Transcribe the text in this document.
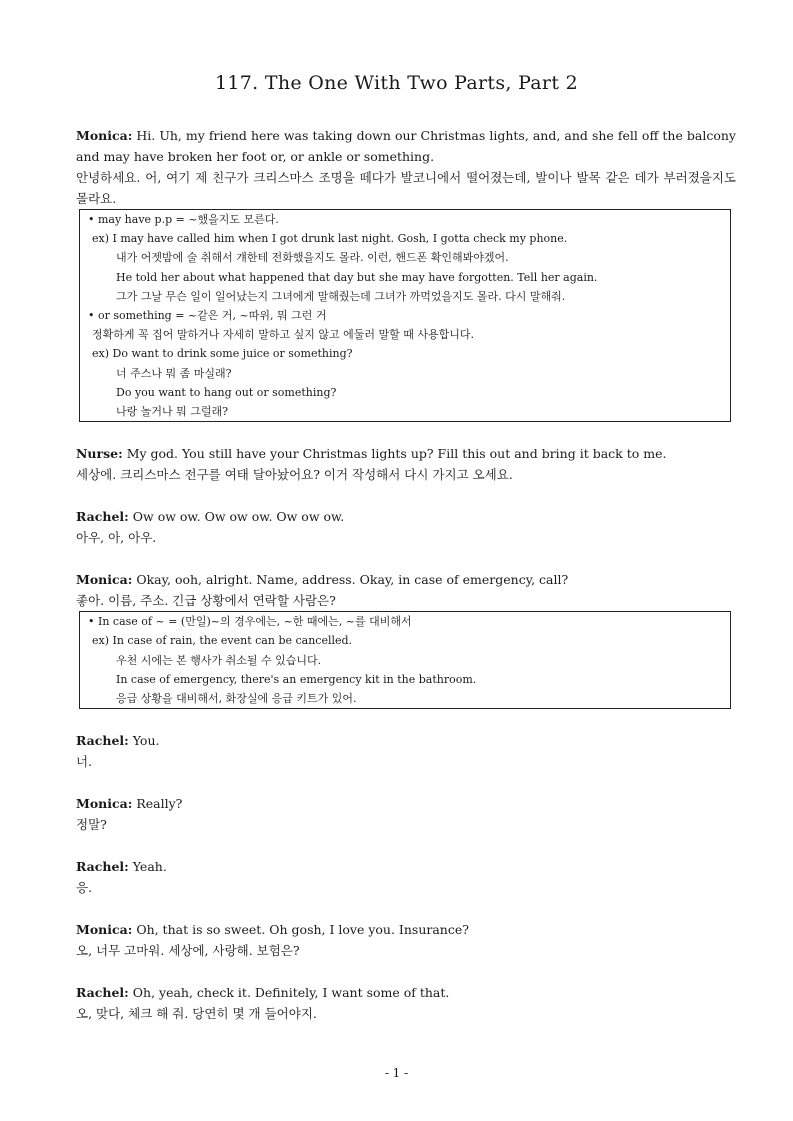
117. The One With Two Parts, Part 2

Monica: Hi. Uh, my friend here was taking down our Christmas lights, and, and she fell off the balcony and may have broken her foot or, or ankle or something.

안녕하세요. 어, 여기 제 친구가 크리스마스 조명을 떼다가 발코니에서 떨어졌는데, 발이나 발목 같은 데가 부러졌을지도 몰라요.

• may have p.p = ~했을지도 모른다.
ex) I may have called him when I got drunk last night. Gosh, I gotta check my phone.
내가 어젯밤에 술 취해서 걔한테 전화했을지도 몰라. 이런, 핸드폰 확인해봐야겠어.
He told her about what happened that day but she may have forgotten. Tell her again.
그가 그날 무슨 일이 일어났는지 그녀에게 말해줬는데 그녀가 까먹었을지도 몰라. 다시 말해줘.
• or something = ~같은 거, ~따위, 뭐 그런 거
정확하게 꼭 집어 말하거나 자세히 말하고 싶지 않고 에둘러 말할 때 사용합니다.
ex) Do want to drink some juice or something?
너 주스나 뭐 좀 마실래?
Do you want to hang out or something?
나랑 놀거나 뭐 그럴래?

Nurse: My god. You still have your Christmas lights up? Fill this out and bring it back to me.

세상에. 크리스마스 전구를 여태 달아놨어요? 이거 작성해서 다시 가지고 오세요.

Rachel: Ow ow ow. Ow ow ow. Ow ow ow.

아우, 아, 아우.

Monica: Okay, ooh, alright. Name, address. Okay, in case of emergency, call?

좋아. 이름, 주소. 긴급 상황에서 연락할 사람은?

• In case of ~ = (만일)~의 경우에는, ~한 때에는, ~를 대비해서
ex) In case of rain, the event can be cancelled.
우천 시에는 본 행사가 취소될 수 있습니다.
In case of emergency, there's an emergency kit in the bathroom.
응급 상황을 대비해서, 화장실에 응급 키트가 있어.

Rachel: You.

너.

Monica: Really?

정말?

Rachel: Yeah.

응.

Monica: Oh, that is so sweet. Oh gosh, I love you. Insurance?

오, 너무 고마워. 세상에, 사랑해. 보험은?

Rachel: Oh, yeah, check it. Definitely, I want some of that.

오, 맞다, 체크 해 줘. 당연히 몇 개 들어야지.

- 1 -
